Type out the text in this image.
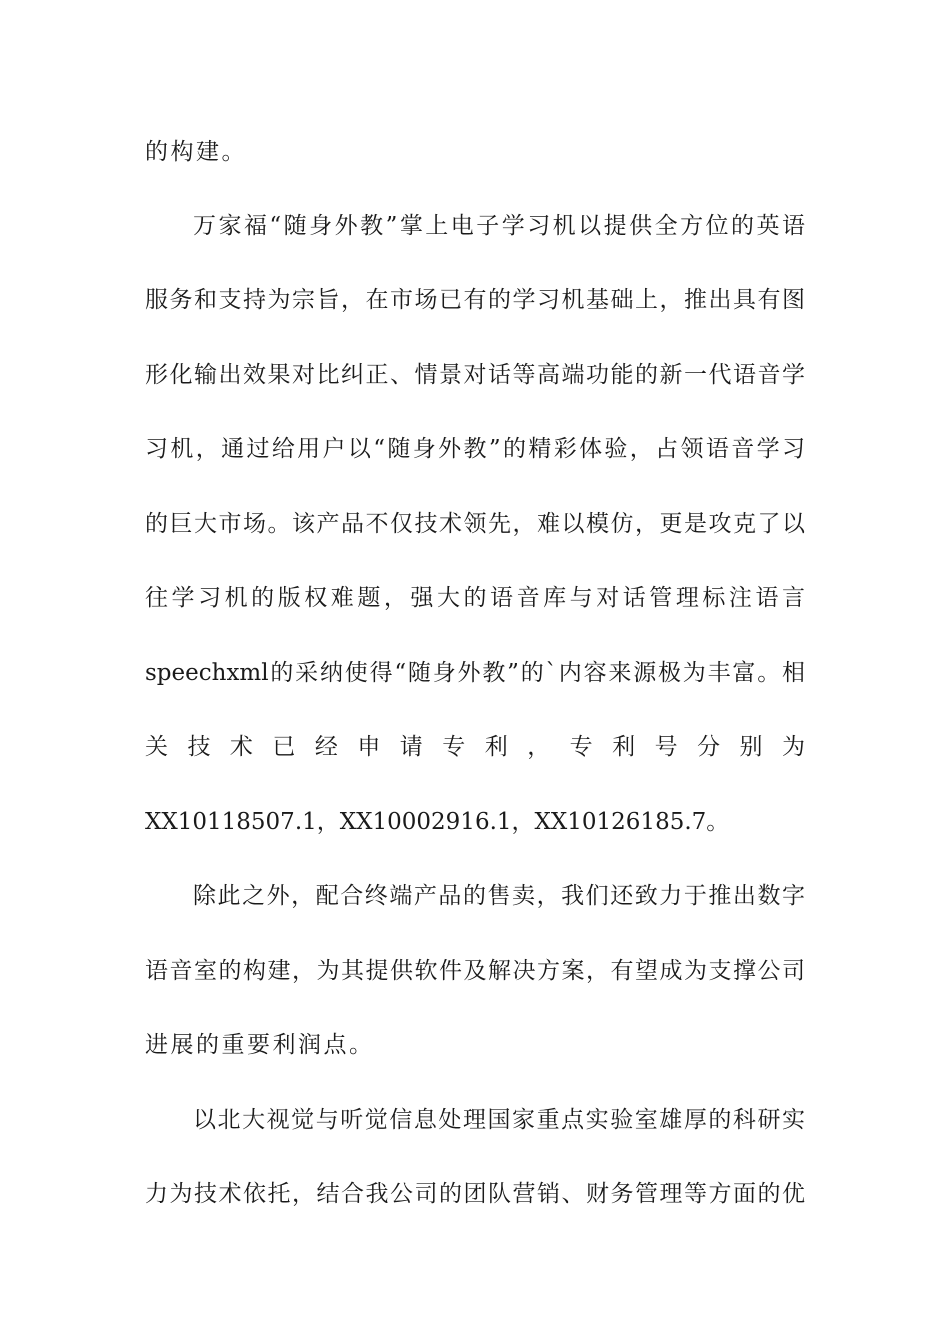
的构建。
万家福“随身外教”掌上电子学习机以提供全方位的英语
服务和支持为宗旨，在市场已有的学习机基础上，推出具有图
形化输出效果对比纠正、情景对话等高端功能的新一代语音学
习机，通过给用户以“随身外教”的精彩体验，占领语音学习
的巨大市场。该产品不仅技术领先，难以模仿，更是攻克了以
往学习机的版权难题，强大的语音库与对话管理标注语言
speechxml的采纳使得“随身外教”的`内容来源极为丰富。相
关技术已经申请专利，专利号分别为
XX10118507.1，XX10002916.1，XX10126185.7。
除此之外，配合终端产品的售卖，我们还致力于推出数字
语音室的构建，为其提供软件及解决方案，有望成为支撑公司
进展的重要利润点。
以北大视觉与听觉信息处理国家重点实验室雄厚的科研实
力为技术依托，结合我公司的团队营销、财务管理等方面的优
